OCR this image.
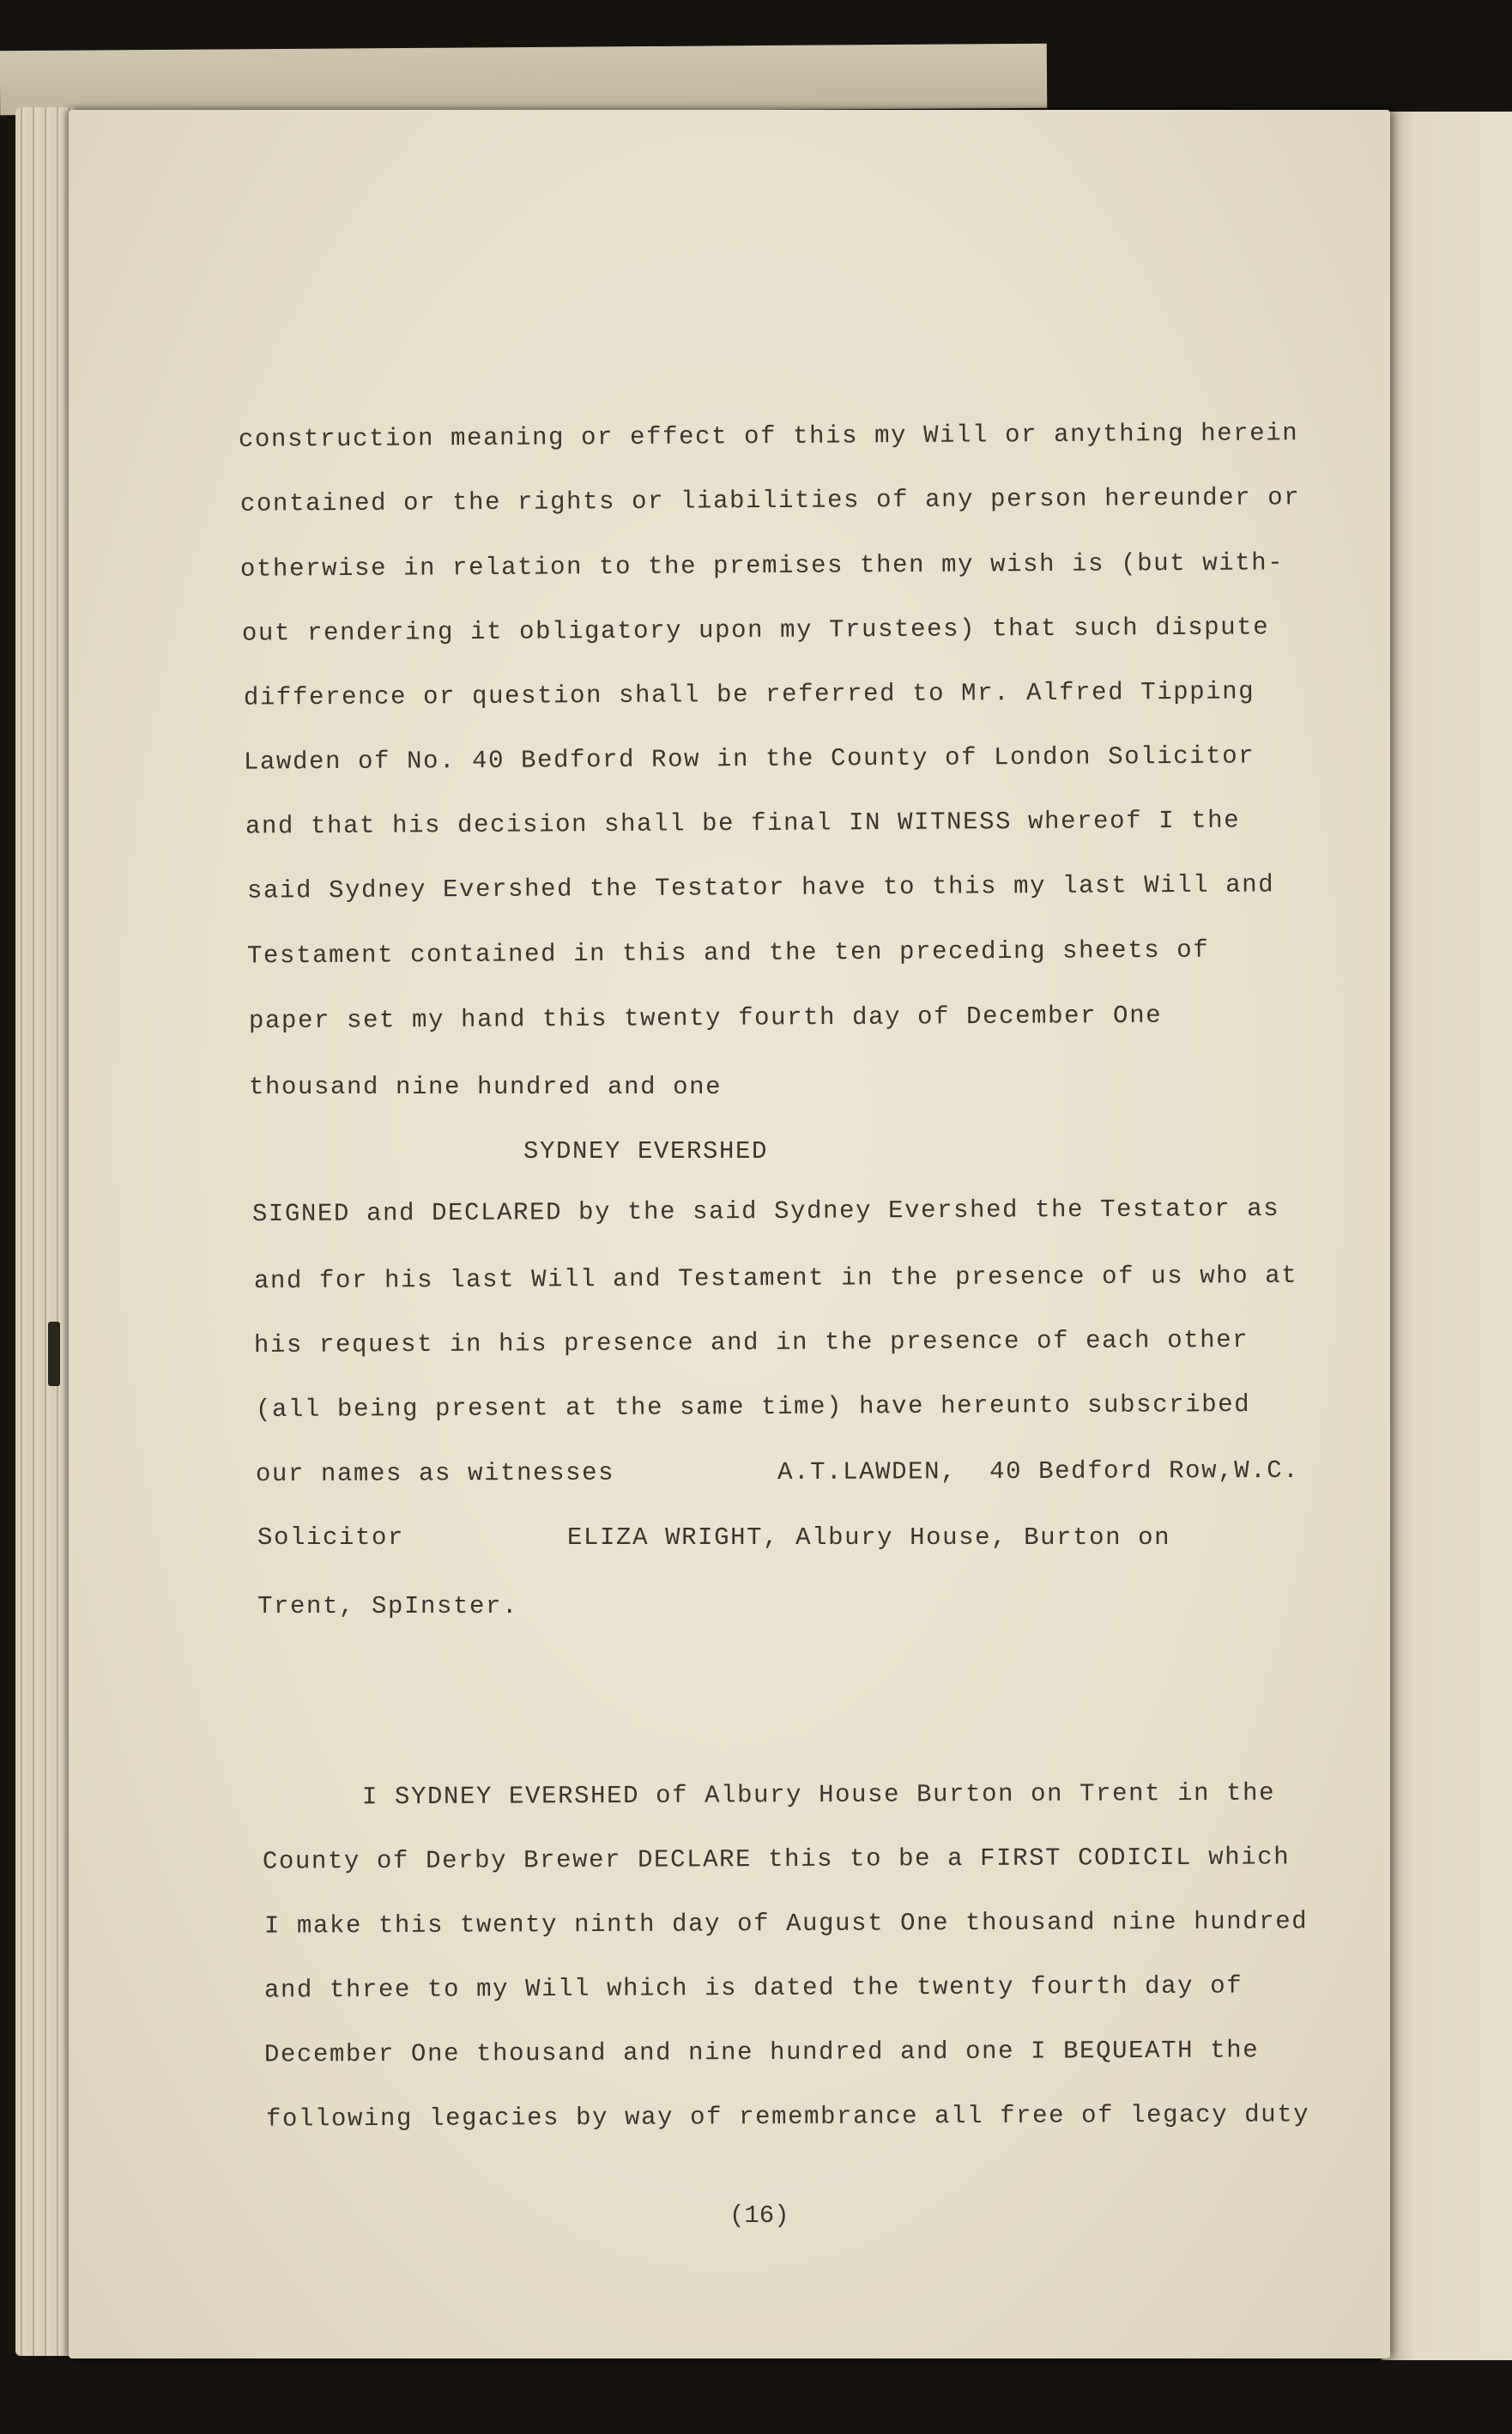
construction meaning or effect of this my Will or anything herein
contained or the rights or liabilities of any person hereunder or
otherwise in relation to the premises then my wish is (but with-
out rendering it obligatory upon my Trustees) that such dispute
difference or question shall be referred to Mr. Alfred Tipping
Lawden of No. 40 Bedford Row in the County of London Solicitor
and that his decision shall be final IN WITNESS whereof I the
said Sydney Evershed the Testator have to this my last Will and
Testament contained in this and the ten preceding sheets of
paper set my hand this twenty fourth day of December One
thousand nine hundred and one
SYDNEY EVERSHED
SIGNED and DECLARED by the said Sydney Evershed the Testator as
and for his last Will and Testament in the presence of us who at
his request in his presence and in the presence of each other
(all being present at the same time) have hereunto subscribed
our names as witnesses          A.T.LAWDEN,  40 Bedford Row,W.C.
Solicitor          ELIZA WRIGHT, Albury House, Burton on
Trent, SpInster.
I SYDNEY EVERSHED of Albury House Burton on Trent in the
County of Derby Brewer DECLARE this to be a FIRST CODICIL which
I make this twenty ninth day of August One thousand nine hundred
and three to my Will which is dated the twenty fourth day of
December One thousand and nine hundred and one I BEQUEATH the
following legacies by way of remembrance all free of legacy duty
(16)
